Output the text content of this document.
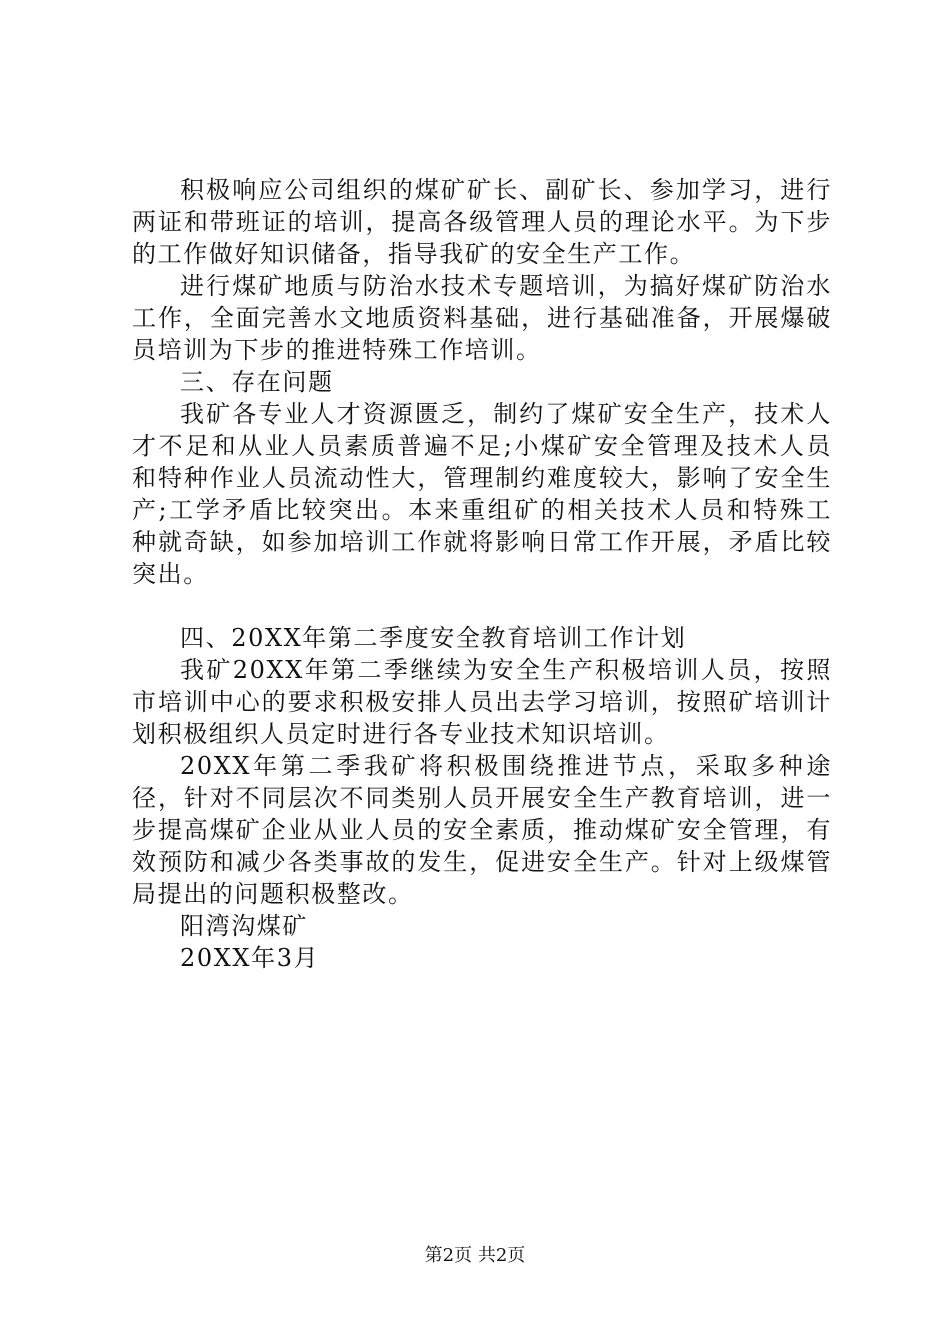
积极响应公司组织的煤矿矿长、副矿长、参加学习，进行两证和带班证的培训，提高各级管理人员的理论水平。为下步的工作做好知识储备，指导我矿的安全生产工作。

进行煤矿地质与防治水技术专题培训，为搞好煤矿防治水工作，全面完善水文地质资料基础，进行基础准备，开展爆破员培训为下步的推进特殊工作培训。

三、存在问题

我矿各专业人才资源匮乏，制约了煤矿安全生产，技术人才不足和从业人员素质普遍不足;小煤矿安全管理及技术人员和特种作业人员流动性大，管理制约难度较大，影响了安全生产;工学矛盾比较突出。本来重组矿的相关技术人员和特殊工种就奇缺，如参加培训工作就将影响日常工作开展，矛盾比较突出。

四、20XX年第二季度安全教育培训工作计划

我矿20XX年第二季继续为安全生产积极培训人员，按照市培训中心的要求积极安排人员出去学习培训，按照矿培训计划积极组织人员定时进行各专业技术知识培训。

20XX年第二季我矿将积极围绕推进节点，采取多种途径，针对不同层次不同类别人员开展安全生产教育培训，进一步提高煤矿企业从业人员的安全素质，推动煤矿安全管理，有效预防和减少各类事故的发生，促进安全生产。针对上级煤管局提出的问题积极整改。

阳湾沟煤矿

20XX年3月

第2页 共2页
